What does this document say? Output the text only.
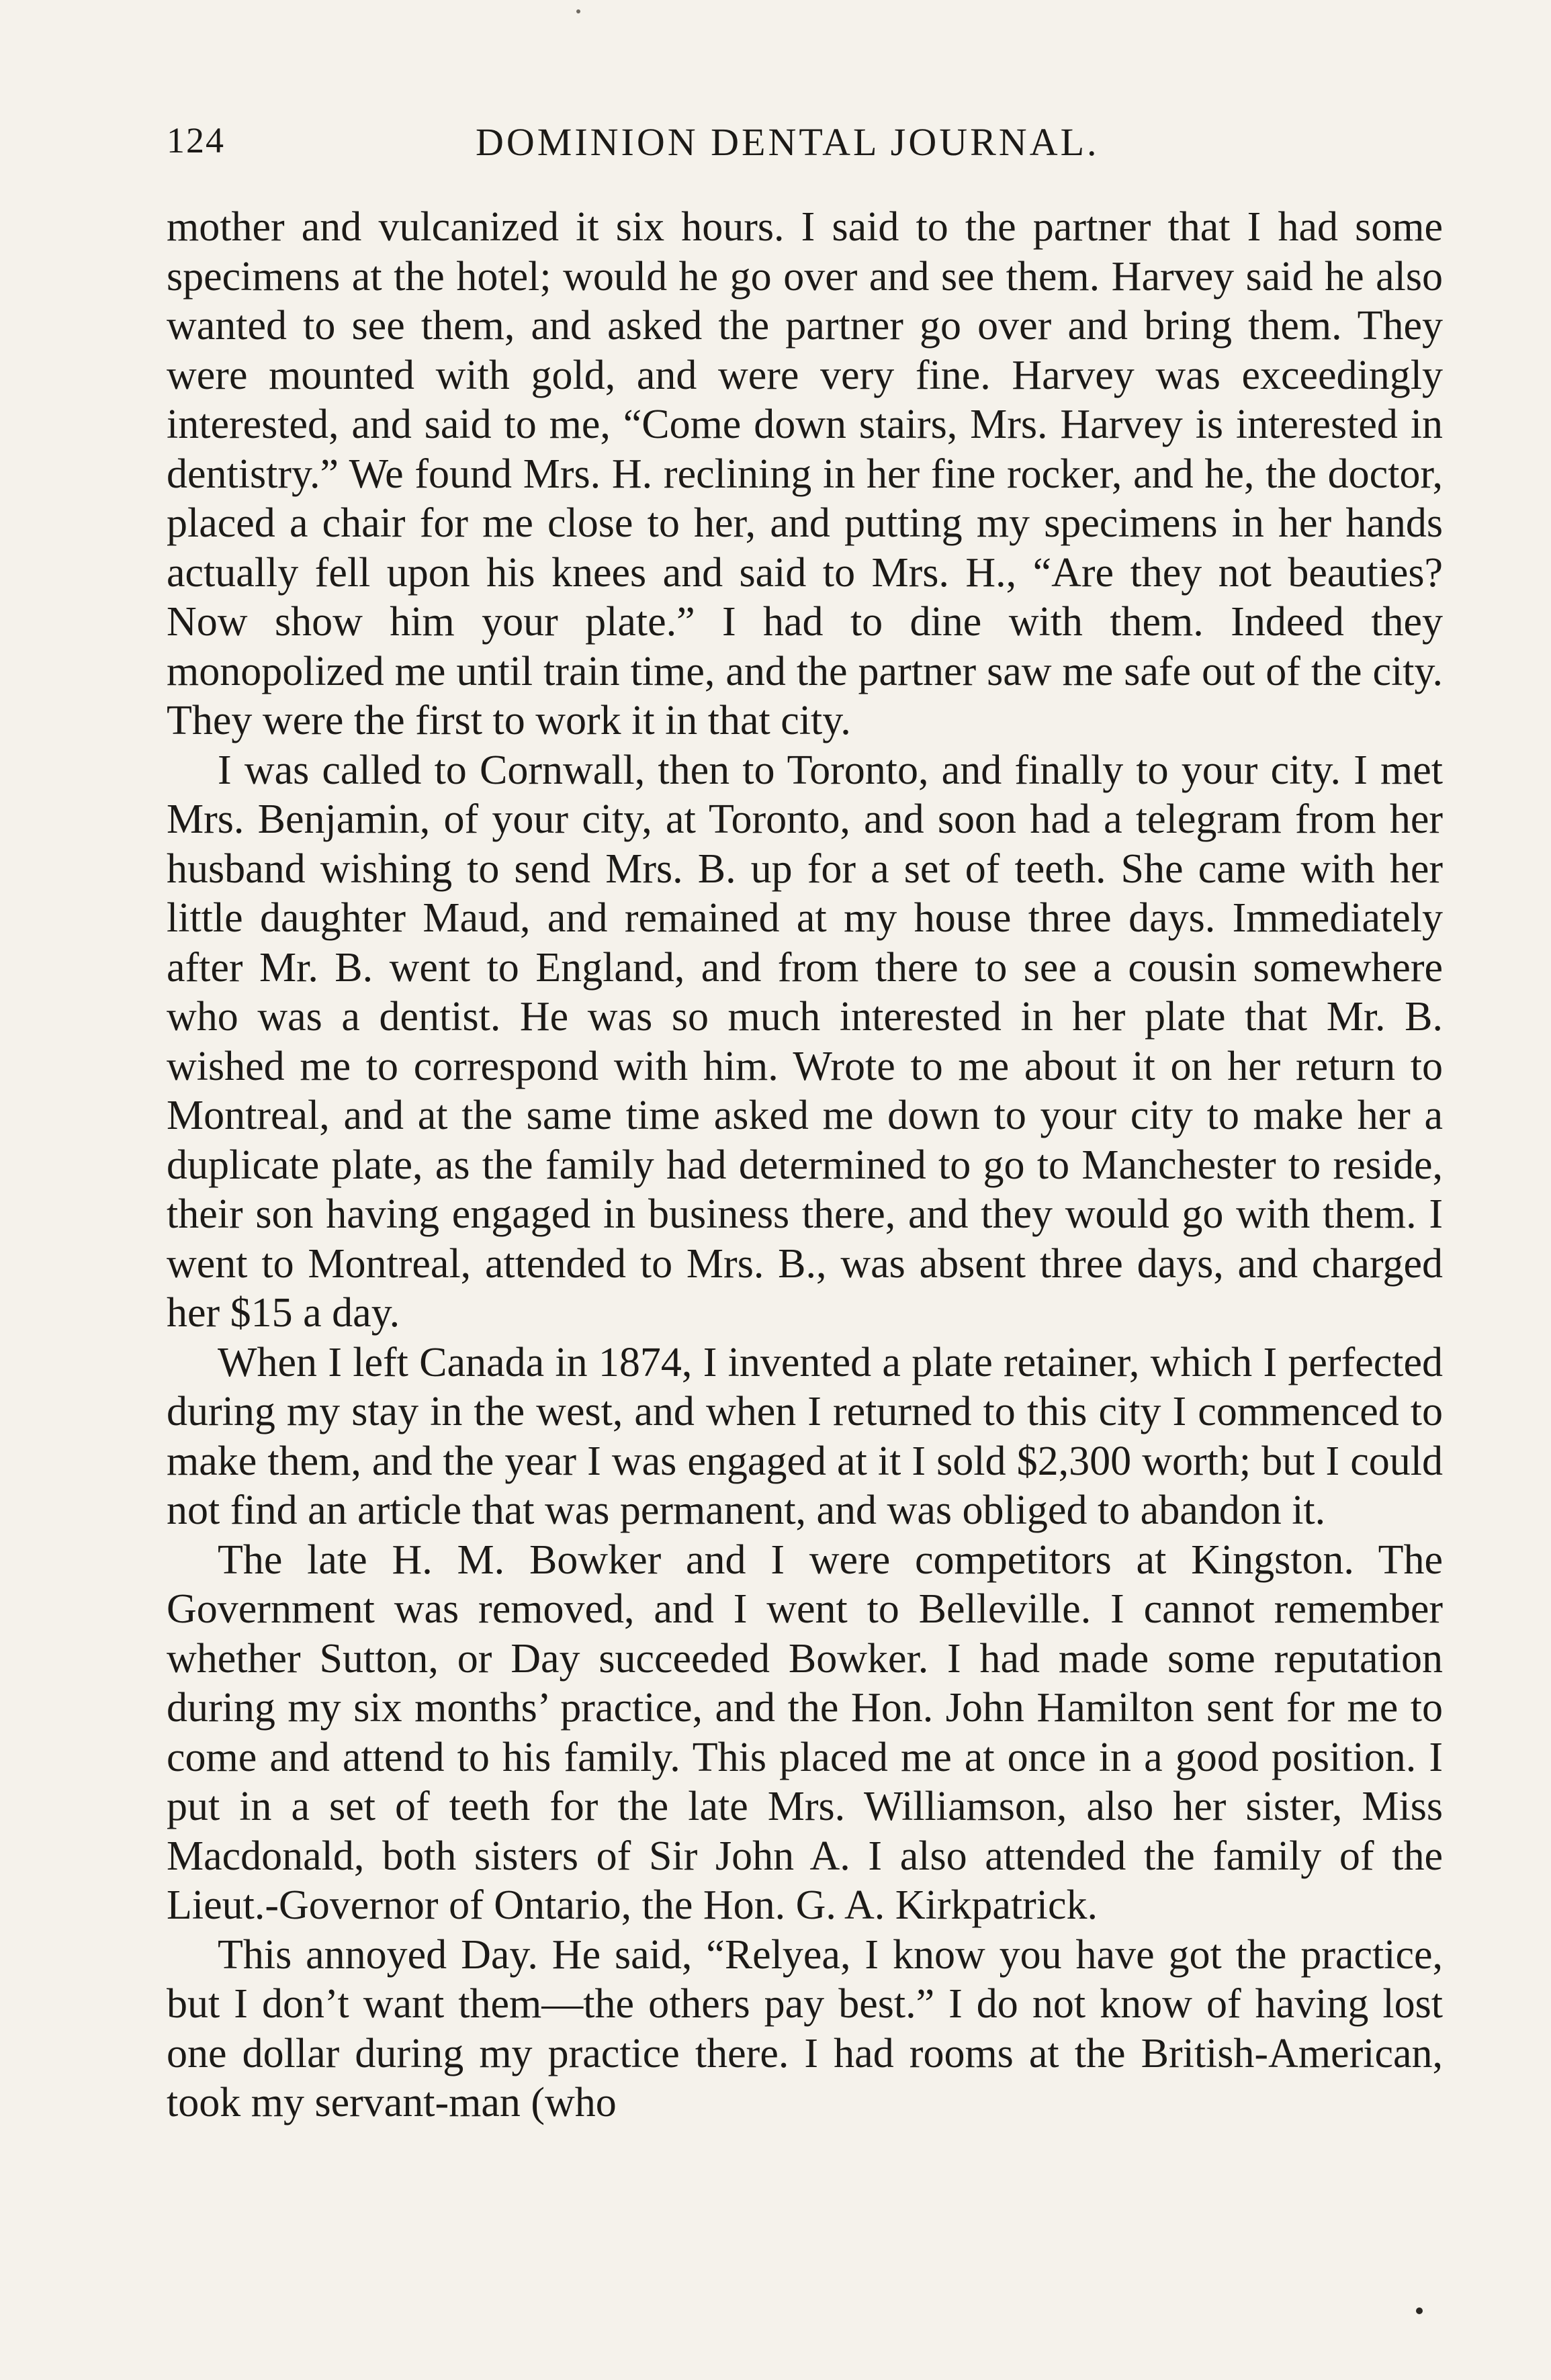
124	DOMINION DENTAL JOURNAL.

mother and vulcanized it six hours. I said to the partner that I had some specimens at the hotel; would he go over and see them. Harvey said he also wanted to see them, and asked the partner go over and bring them. They were mounted with gold, and were very fine. Harvey was exceedingly interested, and said to me, “Come down stairs, Mrs. Harvey is interested in dentistry.” We found Mrs. H. reclining in her fine rocker, and he, the doctor, placed a chair for me close to her, and putting my specimens in her hands actually fell upon his knees and said to Mrs. H., “Are they not beauties? Now show him your plate.” I had to dine with them. Indeed they monopolized me until train time, and the partner saw me safe out of the city. They were the first to work it in that city.

I was called to Cornwall, then to Toronto, and finally to your city. I met Mrs. Benjamin, of your city, at Toronto, and soon had a telegram from her husband wishing to send Mrs. B. up for a set of teeth. She came with her little daughter Maud, and remained at my house three days. Immediately after Mr. B. went to England, and from there to see a cousin somewhere who was a dentist. He was so much interested in her plate that Mr. B. wished me to correspond with him. Wrote to me about it on her return to Montreal, and at the same time asked me down to your city to make her a duplicate plate, as the family had determined to go to Manchester to reside, their son having engaged in business there, and they would go with them. I went to Montreal, attended to Mrs. B., was absent three days, and charged her $15 a day.

When I left Canada in 1874, I invented a plate retainer, which I perfected during my stay in the west, and when I returned to this city I commenced to make them, and the year I was engaged at it I sold $2,300 worth; but I could not find an article that was permanent, and was obliged to abandon it.

The late H. M. Bowker and I were competitors at Kingston. The Government was removed, and I went to Belleville. I cannot remember whether Sutton, or Day succeeded Bowker. I had made some reputation during my six months’ practice, and the Hon. John Hamilton sent for me to come and attend to his family. This placed me at once in a good position. I put in a set of teeth for the late Mrs. Williamson, also her sister, Miss Macdonald, both sisters of Sir John A. I also attended the family of the Lieut.-Governor of Ontario, the Hon. G. A. Kirkpatrick.

This annoyed Day. He said, “Relyea, I know you have got the practice, but I don’t want them—the others pay best.” I do not know of having lost one dollar during my practice there. I had rooms at the British-American, took my servant-man (who
